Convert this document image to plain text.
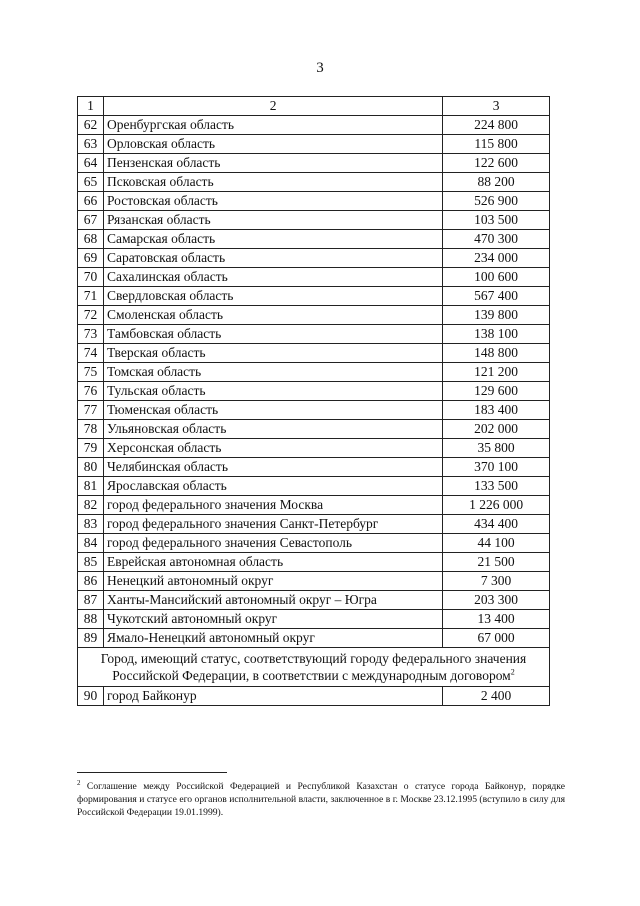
3
1	2	3
62	Оренбургская область	224 800
63	Орловская область	115 800
64	Пензенская область	122 600
65	Псковская область	88 200
66	Ростовская область	526 900
67	Рязанская область	103 500
68	Самарская область	470 300
69	Саратовская область	234 000
70	Сахалинская область	100 600
71	Свердловская область	567 400
72	Смоленская область	139 800
73	Тамбовская область	138 100
74	Тверская область	148 800
75	Томская область	121 200
76	Тульская область	129 600
77	Тюменская область	183 400
78	Ульяновская область	202 000
79	Херсонская область	35 800
80	Челябинская область	370 100
81	Ярославская область	133 500
82	город федерального значения Москва	1 226 000
83	город федерального значения Санкт-Петербург	434 400
84	город федерального значения Севастополь	44 100
85	Еврейская автономная область	21 500
86	Ненецкий автономный округ	7 300
87	Ханты-Мансийский автономный округ – Югра	203 300
88	Чукотский автономный округ	13 400
89	Ямало-Ненецкий автономный округ	67 000
Город, имеющий статус, соответствующий городу федерального значения Российской Федерации, в соответствии с международным договором$^2$
90	город Байконур	2 400
$^2$ Соглашение между Российской Федерацией и Республикой Казахстан о статусе города Байконур, порядке формирования и статусе его органов исполнительной власти, заключенное в г. Москве 23.12.1995 (вступило в силу для Российской Федерации 19.01.1999).
